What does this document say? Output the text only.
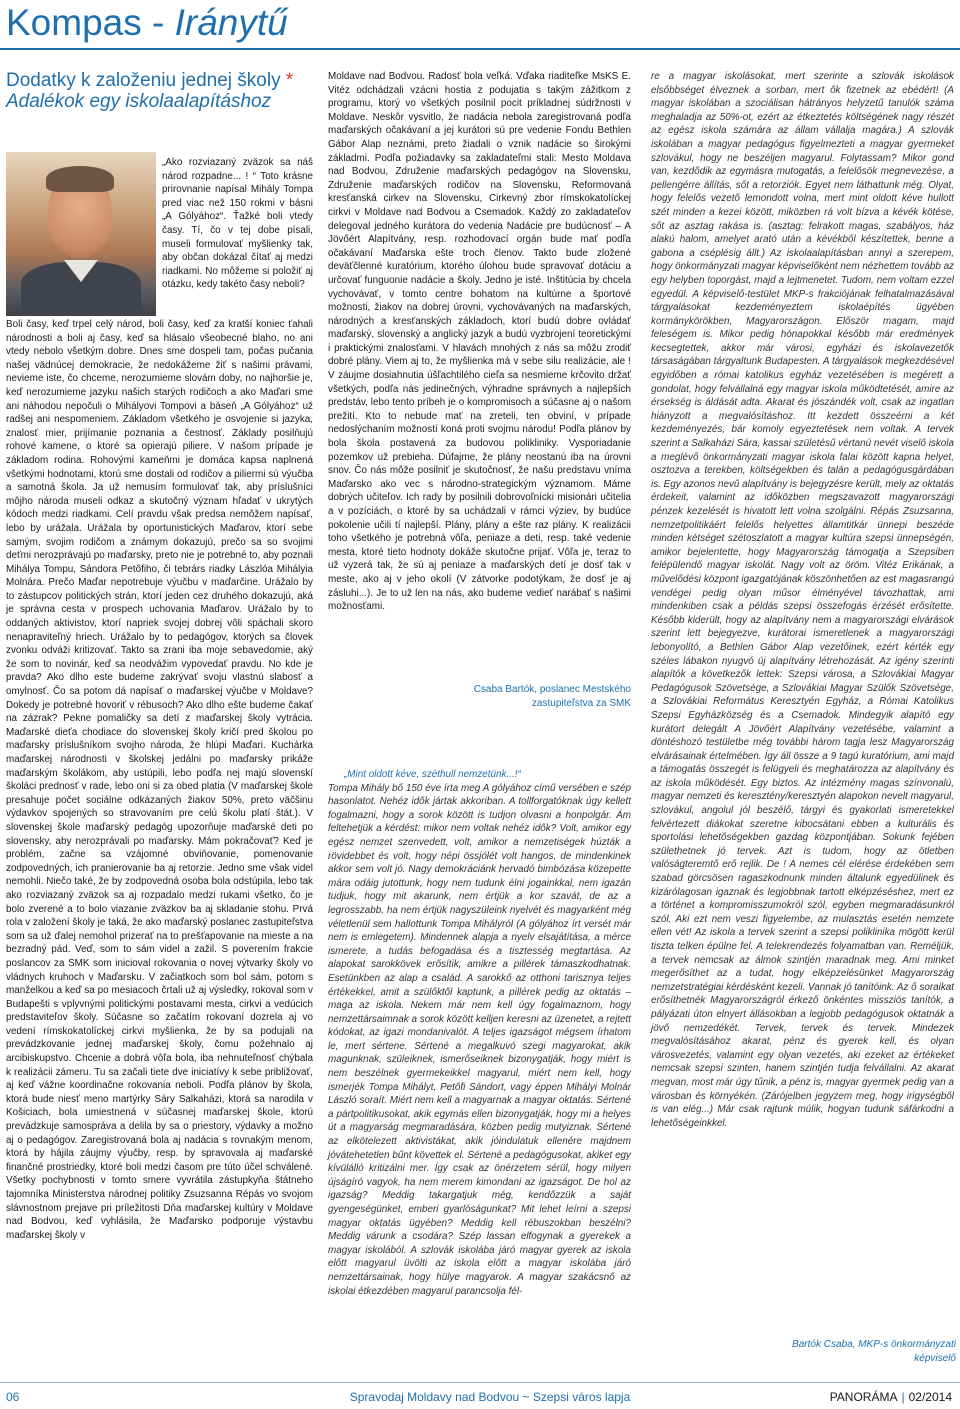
Kompas - Iránytű
Dodatky k založeniu jednej školy *
Adalékok egy iskolaalapításhoz

„Ako rozviazaný zväzok sa náš národ rozpadne... ! “ Toto krásne prirovnanie napísal Mihály Tompa pred viac než 150 rokmi v básni „A Gólyához“. Ťažké boli vtedy časy. Tí, čo v tej dobe písali, museli formulovať myšlienky tak, aby občan dokázal čítať aj medzi riadkami. No môžeme si položiť aj otázku, kedy takéto časy neboli?

Boli časy, keď trpel celý národ, boli časy, keď za kratší koniec ťahali národnosti a boli aj časy, keď sa hlásalo všeobecné blaho, no ani vtedy nebolo všetkým dobre. Dnes sme dospeli tam, počas pučania našej vädnúcej demokracie, že nedokážeme žiť s našimi právami, nevieme iste, čo chceme, nerozumieme slovám doby, no najhoršie je, keď nerozumieme jazyku našich starých rodičoch a ako Maďari sme ani náhodou nepočuli o Mihályovi Tompovi a báseň „A Gólyához“ už radšej ani nespomeniem. Základom všetkého je osvojenie si jazyka, znalosť mier, prijímanie poznania a čestnosť. Základy posilňujú rohové kamene, o ktoré sa opierajú piliere. V našom prípade je základom rodina. Rohovými kameňmi je domáca kapsa naplnená všetkými hodnotami, ktorú sme dostali od rodičov a piliermi sú výučba a samotná škola. Ja už nemusím formulovať tak, aby príslušníci môjho národa museli odkaz a skutočný význam hľadať v ukrytých kódoch medzi riadkami. Celí pravdu však predsa nemôžem napísať, lebo by urážala. Urážala by oportunistických Maďarov, ktorí sebe samým, svojim rodičom a známym dokazujú, prečo sa so svojimi deťmi nerozprávajú po maďarsky, preto nie je potrebné to, aby poznali Mihálya Tompu, Sándora Petőfiho, či tebrárs riadky Lászlóa Mihályia Molnára. Prečo Maďar nepotrebuje výučbu v maďarčine. Urážalo by to zástupcov politických strán, ktorí jeden cez druhého dokazujú, aká je správna cesta v prospech uchovania Maďarov. Urážalo by to oddaných aktivistov, ktorí napriek svojej dobrej vôli spáchali skoro nenapraviteľný hriech. Urážalo by to pedagógov, ktorých sa človek zvonku odváži kritizovať. Takto sa zrani iba moje sebavedomie, aký že som to novinár, keď sa neodvážim vypovedať pravdu. No kde je pravda? Ako dlho este budeme zakrývať svoju vlastnú slabosť a omylnosť. Čo sa potom dá napísať o maďarskej výučbe v Moldave? Dokedy je potrebné hovoriť v rébusoch? Ako dlho ešte budeme čakať na zázrak? Pekne pomaličky sa detí z maďarskej školy vytrácia. Maďarské dieťa chodiace do slovenskej školy kričí pred školou po maďarsky príslušníkom svojho národa, že hlúpi Maďari. Kuchárka maďarskej národnosti v školskej jedálni po maďarsky prikáže maďarským školákom, aby ustúpili, lebo podľa nej majú slovenskí školáci prednosť v rade, lebo oni si za obed platia (V maďarskej škole presahuje počet sociálne odkázaných žiakov 50%, preto väčšinu výdavkov spojených so stravovaním pre celú školu platí štát.). V slovenskej škole maďarský pedagóg upozorňuje maďarské deti po slovensky, aby nerozprávali po maďarsky. Mám pokračovať? Keď je problém, začne sa vzájomné obviňovanie, pomenovanie zodpovedných, ich pranierovanie ba aj retorzie. Jedno sme však videl nemohli. Niečo také, že by zodpovedná osoba bola odstúpila, lebo tak ako rozviazaný zväzok sa aj rozpadalo medzi rukami všetko, čo je bolo zverené a to bolo viazanie zväzkov ba aj skladanie stohu. Prvá rola v založení školy je taká, že ako maďarský poslanec zastupiteľstva som sa už ďalej nemohol prizerať na to prešťapovanie na mieste a na bezradný pád. Veď, som to sám videl a zažil. S poverením frakcie poslancov za SMK som inicioval rokovania o novej výtvarky školy vo vládnych kruhoch v Maďarsku. V začiatkoch som bol sám, potom s manželkou a keď sa po mesiacoch črtali už aj výsledky, rokoval som v Budapešti s vplyvnými politickými postavami mesta, cirkvi a vedúcich predstaviteľov školy. Súčasne so začatím rokovaní dozrela aj vo vedení rímskokatolíckej cirkvi myšlienka, že by sa podujali na prevádzkovanie jednej maďarskej školy, čomu požehnalo aj arcibiskupstvo. Chcenie a dobrá vôľa bola, iba nehnuteľnosť chýbala k realizácii zámeru. Tu sa začali tiete dve iniciatívy k sebe približovať, aj keď vážne koordinačne rokovania neboli. Podľa plánov by škola, ktorá bude niesť meno martýrky Sáry Salkaházi, ktorá sa narodila v Košiciach, bola umiestnená v súčasnej maďarskej škole, ktorú prevádzkuje samospráva a delila by sa o priestory, výdavky a možno aj o pedagógov. Zaregistrovaná bola aj nadácia s rovnakým menom, ktorá by hájila záujmy výučby, resp. by spravovala aj maďarské finančné prostriedky, ktoré boli medzi časom pre túto účel schválené. Všetky pochybnosti v tomto smere vyvrátila zástupkyňa štátneho tajomníka Ministerstva národnej politiky Zsuzsanna Répás vo svojom slávnostnom prejave pri príležitosti Dňa maďarskej kultúry v Moldave nad Bodvou, keď vyhlásila, že Maďarsko podporuje výstavbu maďarskej školy v

Moldave nad Bodvou. Radosť bola veľká. Vďaka riaditeľke MsKS E. Vitéz odchádzali vzácni hostia z podujatia s takým zážitkom z programu, ktorý vo všetkých posilnil pocit príkladnej súdržnosti v Moldave. Neskôr vysvitlo, že nadácia nebola zaregistrovaná podľa maďarských očakávaní a jej kurátori sú pre vedenie Fondu Bethlen Gábor Alap neznámi, preto žiadali o vznik nadácie so širokými základmi. Podľa požiadavky sa zakladateľmi stali: Mesto Moldava nad Bodvou, Združenie maďarských pedagógov na Slovensku, Združenie maďarských rodičov na Slovensku, Reformovaná kresťanská cirkev na Slovensku, Cirkevný zbor rímskokatolíckej cirkvi v Moldave nad Bodvou a Csemadok. Každý zo zakladateľov delegoval jedného kurátora do vedenia Nadácie pre budúcnosť – A Jövőért Alapítvány, resp. rozhodovací orgán bude mať podľa očakávaní Maďarska ešte troch členov. Takto bude zložené deväťčlenné kuratórium, ktorého úlohou bude spravovať dotáciu a určovať funguonie nadácie a školy. Jedno je isté. Inštitúcia by chcela vychovávať, v tomto centre bohatom na kultúrne a športové možnosti, žiakov na dobrej úrovni, vychovávaných na maďarských, národných a kresťanských základoch, ktorí budú dobre ovládať maďarský, slovenský a anglický jazyk a budú vyzbrojení teoretickými i praktickými znalosťami. V hlavách mnohých z nás sa môžu zrodiť dobré plány. Viem aj to, že myšlienka má v sebe silu realizácie, ale ! V záujme dosiahnutia úšľachtilého cieľa sa nesmieme krčovito držať všetkých, podľa nás jedinečných, výhradne správnych a najlepších predstáv, lebo tento príbeh je o kompromisoch a súčasne aj o našom prežití. Kto to nebude mať na zreteli, ten obviní, v prípade nedoslýchaním možností koná proti svojmu národu! Podľa plánov by bola škola postavená za budovou polikliniky. Vysporiadanie pozemkov už prebieha. Dúfajme, že plány neostanú iba na úrovni snov. Čo nás môže posilniť je skutočnosť, že našu predstavu vníma Maďarsko ako vec s národno-strategickým významom. Máme dobrých učiteľov. Ich rady by posilnili dobrovoľnícki misionári učitelia a v pozíciách, o ktoré by sa uchádzali v rámci výziev, by budúce pokolenie učili tí najlepší. Plány, plány a ešte raz plány. K realizácii toho všetkého je potrebná vôľa, peniaze a deti, resp. také vedenie mesta, ktoré tieto hodnoty dokáže skutočne prijať. Vôľa je, teraz to už vyzerá tak, že sú aj peniaze a maďarských detí je dosť tak v meste, ako aj v jeho okolí (V zátvorke podotýkam, že dosť je aj zásluhi...). Je to už len na nás, ako budeme vedieť narábať s našimi možnosťami.

Csaba Bartók, poslanec Mestského zastupiteľstva za SMK
„Mint oldott kéve, széthull nemzetünk...!“

Tompa Mihály bő 150 éve írta meg A gólyához című versében e szép hasonlatot. Nehéz idők jártak akkoriban. A tollforgatóknak úgy kellett fogalmazni, hogy a sorok között is tudjon olvasni a honpolgár. Ám feltehetjük a kérdést: mikor nem voltak nehéz idők? Volt, amikor egy egész nemzet szenvedett, volt, amikor a nemzetiségek húzták a rövidebbet és volt, hogy népi össjólét volt hangos, de mindenkinek akkor sem volt jó. Nagy demokráciánk hervadó bimbózása közepette mára odáig jutottunk, hogy nem tudunk élni jogainkkal, nem igazán tudjuk, hogy mit akarunk, nem értjük a kor szavát, de az a legrosszabb, ha nem értjük nagyszüleink nyelvét és magyarként még véletlenül sem hallottunk Tompa Mihályról (A gólyához írt versét már nem is emlegetem). Mindennek alapja a nyelv elsajátítása, a mérce ismerete, a tudás befogadása és a tisztesség megtartása. Az alapokat sarokkövek erősítik, amikre a pillérek támaszkodhatnak. Esetünkben az alap a család. A sarokkő az otthoni tarisznya teljes értékekkel, amit a szülőktől kaptunk, a pillérek pedig az oktatás – maga az iskola. Nekem már nem kell úgy fogalmaznom, hogy nemzettársaimnak a sorok között kelljen keresni az üzenetet, a rejtett kódokat, az igazi mondanivalót. A teljes igazságot mégsem írhatom le, mert sértene. Sértené a megalkuvó szegi magyarokat, akik magunknak, szüleiknek, ismerőseiknek bizonygatják, hogy miért is nem beszélnek gyermekeikkel magyarul, miért nem kell, hogy ismerjék Tompa Mihályt, Petőfi Sándort, vagy éppen Mihályi Molnár László soraít. Miért nem kell a magyarnak a magyar oktatás. Sértené a pártpolitikusokat, akik egymás ellen bizonygatják, hogy mi a helyes út a magyarság megmaradására, közben pedig mutyiznak. Sértené az elkötelezett aktivistákat, akik jóindulatuk ellenére majdnem jóvátehetetlen bűnt követtek el. Sértené a pedagógusokat, akiket egy kívülálló kritizálni mer. Így csak az önérzetem sérül, hogy milyen újságíró vagyok, ha nem merem kimondani az igazságot. De hol az igazság? Meddig takargatjuk még, kendőzzük a saját gyengeségünket, emberi gyarlóságunkat? Mit lehet leírni a szepsi magyar oktatás ügyében? Meddig kell rébuszokban beszélni? Meddig várunk a csodára? Szép lassan elfogynak a gyerekek a magyar iskolából. A szlovák iskolába járó magyar gyerek az iskola előtt magyarul üvölti az iskola előtt a magyar iskolába járó nemzettársainak, hogy hülye magyarok. A magyar szakácsnő az iskolai étkezdében magyarul parancsolja fél-

re a magyar iskolásokat, mert szerinte a szlovák iskolások elsőbbséget élveznek a sorban, mert ők fizetnek az ebédért! (A magyar iskolában a szociálisan hátrányos helyzetű tanulók száma meghaladja az 50%-ot, ezért az étkeztetés költségének nagy részét az egész iskola számára az állam vállalja magára.) A szlovák iskolában a magyar pedagógus figyelmezteti a magyar gyermeket szlovákul, hogy ne beszéljen magyarul. Folytassam? Mikor gond van, kezdődik az egymásra mutogatás, a felelősök megnevezése, a pellengérre állítás, sőt a retorziók. Egyet nem láthattunk még. Olyat, hogy felelős vezető lemondott volna, mert mint oldott kéve hullott szét minden a kezei között, miközben rá volt bízva a kévék kötése, sőt az asztag rakása is. (asztag: felrakott magas, szabályos, ház alakú halom, amelyet arató után a kévékből készítettek, benne a gabona a cséplésig állt.) Az iskolaalapításban annyi a szerepem, hogy önkormányzati magyar képviselőként nem nézhettem tovább az egy helyben toporgást, majd a lejtmenetet. Tudom, nem voltam ezzel egyedül. A képviselő-testület MKP-s frakciójának felhatalmazásával tárgyalásokat kezdeményeztem iskolaépítés ügyében kormánykörökben, Magyarországon. Először magam, majd feleségem is. Mikor pedig hónapokkal később már eredmények kecsegtettek, akkor már városi, egyházi és iskolavezetők társaságában tárgyaltunk Budapesten. A tárgyalások megkezdésével egyidőben a római katolikus egyház vezetésében is megérett a gondolat, hogy felvállalná egy magyar iskola működtetését, amire az érsekség is áldását adta. Akarat és jószándék volt, csak az ingatlan hiányzott a megvalósításhoz. Itt kezdett összeérni a két kezdeményezés, bár komoly egyeztetések nem voltak. A tervek szerint a Salkaházi Sára, kassai születésű vértanú nevét viselő iskola a meglévő önkormányzati magyar iskola falai között kapna helyet, osztozva a terekben, költségekben és talán a pedagógusgárdában is. Egy azonos nevű alapítvány is bejegyzésre került, mely az oktatás érdekeit, valamint az időközben megszavazott magyarországi pénzek kezelését is hivatott lett volna szolgálni. Répás Zsuzsanna, nemzetpolitikáért felelős helyettes államtitkár ünnepi beszéde minden kétséget szétoszlatott a magyar kultúra szepsi ünnepségén, amikor bejelentette, hogy Magyarország támogatja a Szepsiben felépülendő magyar iskolát. Nagy volt az öröm. Vitéz Erikának, a művelődési központ igazgatójának köszönhetően az est magasrangú vendégei pedig olyan műsor élményével távozhattak, ami mindenkiben csak a példás szepsi összefogás érzését erősítette. Később kiderült, hogy az alapítvány nem a magyarországi elvárások szerint lett bejegyezve, kurátorai ismeretlenek a magyarországi lebonyolító, a Bethlen Gábor Alap vezetőinek, ezért kérték egy széles lábakon nyugvó új alapítvány létrehozását. Az igény szerinti alapítók a következők lettek: Szepsi városa, a Szlovákiai Magyar Pedagógusok Szövetsége, a Szlovákiai Magyar Szülők Szövetsége, a Szlovákiai Református Keresztyén Egyház, a Római Katolikus Szepsi Egyházközség és a Csemadok. Mindegyik alapító egy kurátort delegált A Jövőért Alapítvány vezetésébe, valamint a döntéshozó testületbe még további három tagja lesz Magyarország elvárásainak értelmében. Így áll össze a 9 tagú kuratórium, ami majd a támogatás összegét is felügyeli és meghatározza az alapítvány és az iskola működését. Egy biztos. Az intézmény magas színvonalú, magyar nemzeti és keresztény/keresztyén alapokon nevelt magyarul, szlovákul, angolul jól beszélő, tárgyi és gyakorlati ismeretekkel felvértezett diákokat szeretne kibocsátani ebben a kulturális és sportolási lehetőségekben gazdag központjában. Sokunk fejében születhetnek jó tervek. Azt is tudom, hogy az ötletben valóságteremtő erő rejlik. De ! A nemes cél elérése érdekében sem szabad görcsösen ragaszkodnunk minden általunk egyedülinek és kizárólagosan igaznak és legjobbnak tartott elképzéséshez, mert ez a történet a kompromisszumokról szól, egyben megmaradásunkról szól. Aki ezt nem veszi figyelembe, az mulasztás esetén nemzete ellen vét! Az iskola a tervek szerint a szepsi poliklinika mögött kerül tiszta telken épülne fel. A telekrendezés folyamatban van. Reméljük, a tervek nemcsak az álmok szintjén maradnak meg. Ami minket megerősíthet az a tudat, hogy elképzelésünket Magyarország nemzetstratégiai kérdésként kezeli. Vannak jó tanítóink. Az ő soraikat erősíthetnék Magyarországról érkező önkéntes missziós tanítók, a pályázati úton elnyert állásokban a legjobb pedagógusok oktatnák a jövő nemzedékét. Tervek, tervek és tervek. Mindezek megvalósításához akarat, pénz és gyerek kell, és olyan városvezetés, valamint egy olyan vezetés, aki ezeket az értékeket nemcsak szepsi szinten, hanem szintjén tudja felvállalni. Az akarat megvan, most már úgy tűnik, a pénz is, magyar gyermek pedig van a városban és környékén. (Zárójelben jegyzem meg, hogy irigységből is van elég...) Már csak rajtunk múlik, hogyan tudunk sáfárkodni a lehetőségeinkkel.

Bartók Csaba, MKP-s önkormányzati képviselő
06	Spravodaj Moldavy nad Bodvou ~ Szepsi város lapja	PANORÁMA | 02/2014
